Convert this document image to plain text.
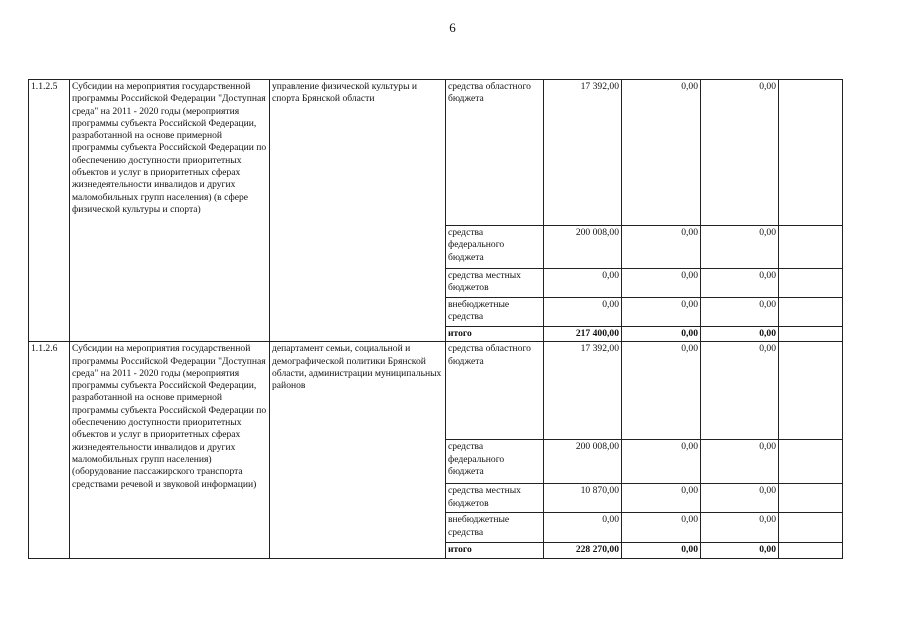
6
1.1.2.5	Субсидии на мероприятия государственной программы Российской Федерации "Доступная среда" на 2011 - 2020 годы (мероприятия программы субъекта Российской Федерации, разработанной на основе примерной программы субъекта Российской Федерации по обеспечению доступности приоритетных объектов и услуг в приоритетных сферах жизнедеятельности инвалидов и других маломобильных групп населения) (в сфере физической культуры и спорта)	управление физической культуры и спорта Брянской области	средства областного бюджета	17 392,00	0,00	0,00	
			средства федерального бюджета	200 008,00	0,00	0,00	
			средства местных бюджетов	0,00	0,00	0,00	
			внебюджетные средства	0,00	0,00	0,00	
			итого	217 400,00	0,00	0,00	
1.1.2.6	Субсидии на мероприятия государственной программы Российской Федерации "Доступная среда" на 2011 - 2020 годы (мероприятия программы субъекта Российской Федерации, разработанной на основе примерной программы субъекта Российской Федерации по обеспечению доступности приоритетных объектов и услуг в приоритетных сферах жизнедеятельности инвалидов и других маломобильных групп населения) (оборудование пассажирского транспорта средствами речевой и звуковой информации)	департамент семьи, социальной и демографической политики Брянской области, администрации муниципальных районов	средства областного бюджета	17 392,00	0,00	0,00	
			средства федерального бюджета	200 008,00	0,00	0,00	
			средства местных бюджетов	10 870,00	0,00	0,00	
			внебюджетные средства	0,00	0,00	0,00	
			итого	228 270,00	0,00	0,00	
